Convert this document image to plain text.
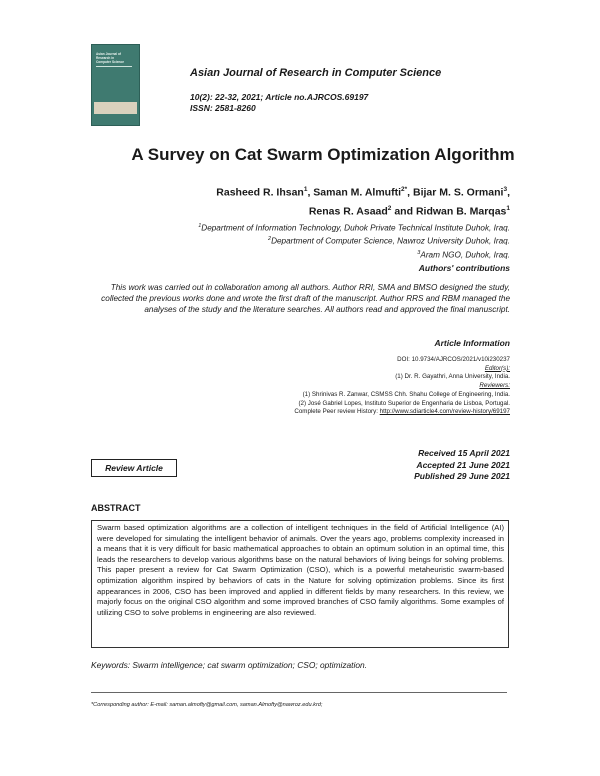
Asian Journal of
Research in
Computer Science
Asian Journal of Research in Computer Science
10(2): 22-32, 2021; Article no.AJRCOS.69197
ISSN: 2581-8260
A Survey on Cat Swarm Optimization Algorithm
Rasheed R. Ihsan$^1$, Saman M. Almufti$^{2*}$, Bijar M. S. Ormani$^3$,
Renas R. Asaad$^2$ and Ridwan B. Marqas$^1$
$^1$Department of Information Technology, Duhok Private Technical Institute Duhok, Iraq.
$^2$Department of Computer Science, Nawroz University Duhok, Iraq.
$^3$Aram NGO, Duhok, Iraq.
Authors' contributions
This work was carried out in collaboration among all authors. Author RRI, SMA and BMSO designed the study, collected the previous works done and wrote the first draft of the manuscript. Author RRS and RBM managed the analyses of the study and the literature searches. All authors read and approved the final manuscript.
Article Information
DOI: 10.9734/AJRCOS/2021/v10i230237
Editor(s):
(1) Dr. R. Gayathri, Anna University, India.
Reviewers:
(1) Shrinivas R. Zanwar, CSMSS Chh. Shahu College of Engineering, India.
(2) José Gabriel Lopes, Instituto Superior de Engenharia de Lisboa, Portugal.
Complete Peer review History: http://www.sdiarticle4.com/review-history/69197
Review Article
Received 15 April 2021
Accepted 21 June 2021
Published 29 June 2021
ABSTRACT
Swarm based optimization algorithms are a collection of intelligent techniques in the field of Artificial Intelligence (AI) were developed for simulating the intelligent behavior of animals. Over the years ago, problems complexity increased in a means that it is very difficult for basic mathematical approaches to obtain an optimum solution in an optimal time, this leads the researchers to develop various algorithms base on the natural behaviors of living beings for solving problems. This paper present a review for Cat Swarm Optimization (CSO), which is a powerful metaheuristic swarm-based optimization algorithm inspired by behaviors of cats in the Nature for solving optimization problems. Since its first appearances in 2006, CSO has been improved and applied in different fields by many researchers. In this review, we majorly focus on the original CSO algorithm and some improved branches of CSO family algorithms. Some examples of utilizing CSO to solve problems in engineering are also reviewed.
Keywords: Swarm intelligence; cat swarm optimization; CSO; optimization.
*Corresponding author: E-mail: saman.almofty@gmail.com, saman.Almofty@nawroz.edu.krd;
